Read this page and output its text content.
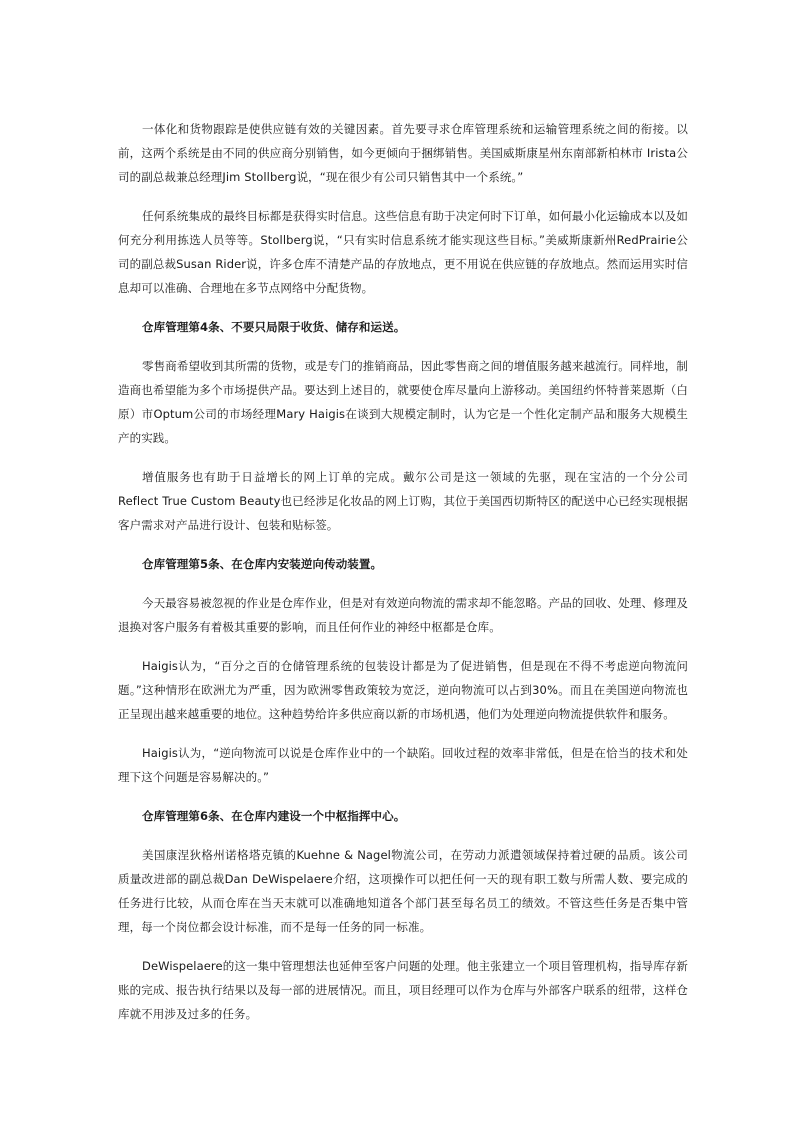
一体化和货物跟踪是使供应链有效的关键因素。首先要寻求仓库管理系统和运输管理系统之间的衔接。以前，这两个系统是由不同的供应商分别销售，如今更倾向于捆绑销售。美国威斯康星州东南部新柏林市 Irista公司的副总裁兼总经理Jim Stollberg说，“现在很少有公司只销售其中一个系统。”

任何系统集成的最终目标都是获得实时信息。这些信息有助于决定何时下订单，如何最小化运输成本以及如何充分利用拣选人员等等。Stollberg说，“只有实时信息系统才能实现这些目标。”美威斯康新州RedPrairie公司的副总裁Susan Rider说，许多仓库不清楚产品的存放地点，更不用说在供应链的存放地点。然而运用实时信息却可以准确、合理地在多节点网络中分配货物。

仓库管理第4条、不要只局限于收货、储存和运送。

零售商希望收到其所需的货物，或是专门的推销商品，因此零售商之间的增值服务越来越流行。同样地，制造商也希望能为多个市场提供产品。要达到上述目的，就要使仓库尽量向上游移动。美国纽约怀特普莱恩斯（白原）市Optum公司的市场经理Mary Haigis在谈到大规模定制时，认为它是一个性化定制产品和服务大规模生产的实践。

增值服务也有助于日益增长的网上订单的完成。戴尔公司是这一领域的先驱，现在宝洁的一个分公司Reflect True Custom Beauty也已经涉足化妆品的网上订购，其位于美国西切斯特区的配送中心已经实现根据客户需求对产品进行设计、包装和贴标签。

仓库管理第5条、在仓库内安装逆向传动装置。

今天最容易被忽视的作业是仓库作业，但是对有效逆向物流的需求却不能忽略。产品的回收、处理、修理及退换对客户服务有着极其重要的影响，而且任何作业的神经中枢都是仓库。

Haigis认为，“百分之百的仓储管理系统的包装设计都是为了促进销售，但是现在不得不考虑逆向物流问题。”这种情形在欧洲尤为严重，因为欧洲零售政策较为宽泛，逆向物流可以占到30%。而且在美国逆向物流也正呈现出越来越重要的地位。这种趋势给许多供应商以新的市场机遇，他们为处理逆向物流提供软件和服务。

Haigis认为，“逆向物流可以说是仓库作业中的一个缺陷。回收过程的效率非常低，但是在恰当的技术和处理下这个问题是容易解决的。”

仓库管理第6条、在仓库内建设一个中枢指挥中心。

美国康涅狄格州诺格塔克镇的Kuehne & Nagel物流公司，在劳动力派遣领域保持着过硬的品质。该公司质量改进部的副总裁Dan DeWispelaere介绍，这项操作可以把任何一天的现有职工数与所需人数、要完成的任务进行比较，从而仓库在当天末就可以准确地知道各个部门甚至每名员工的绩效。不管这些任务是否集中管理，每一个岗位都会设计标准，而不是每一任务的同一标准。

DeWispelaere的这一集中管理想法也延伸至客户问题的处理。他主张建立一个项目管理机构，指导库存新账的完成、报告执行结果以及每一部的进展情况。而且，项目经理可以作为仓库与外部客户联系的纽带，这样仓库就不用涉及过多的任务。
